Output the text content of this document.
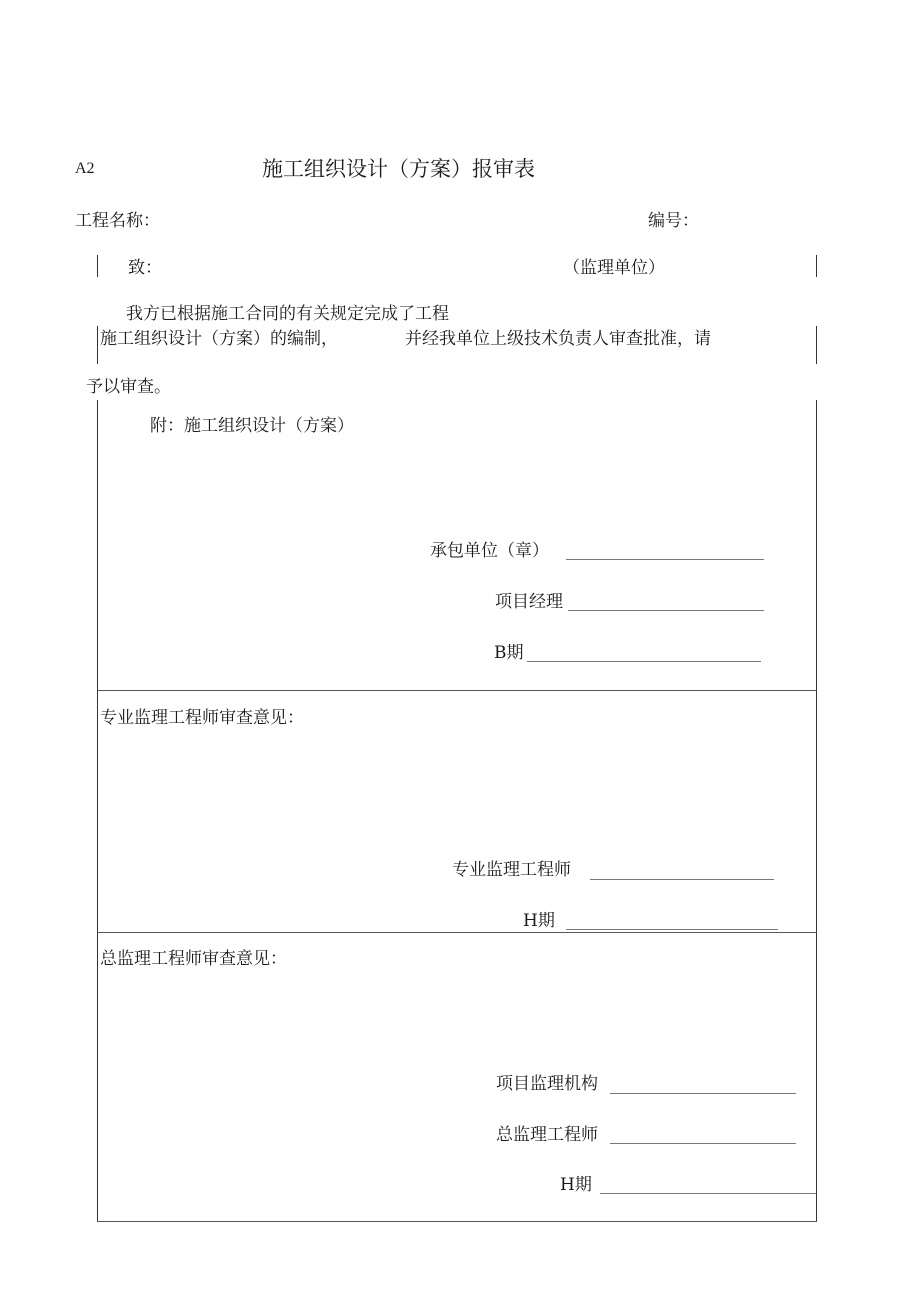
A2	施工组织设计（方案）报审表
工程名称：	编号：
致：	（监理单位）
我方已根据施工合同的有关规定完成了工程
施工组织设计（方案）的编制，	并经我单位上级技术负责人审查批准，请
予以审查。
附：施工组织设计（方案）
承包单位（章）
项目经理
B期
专业监理工程师审查意见：
专业监理工程师
H期
总监理工程师审查意见：
项目监理机构
总监理工程师
H期
